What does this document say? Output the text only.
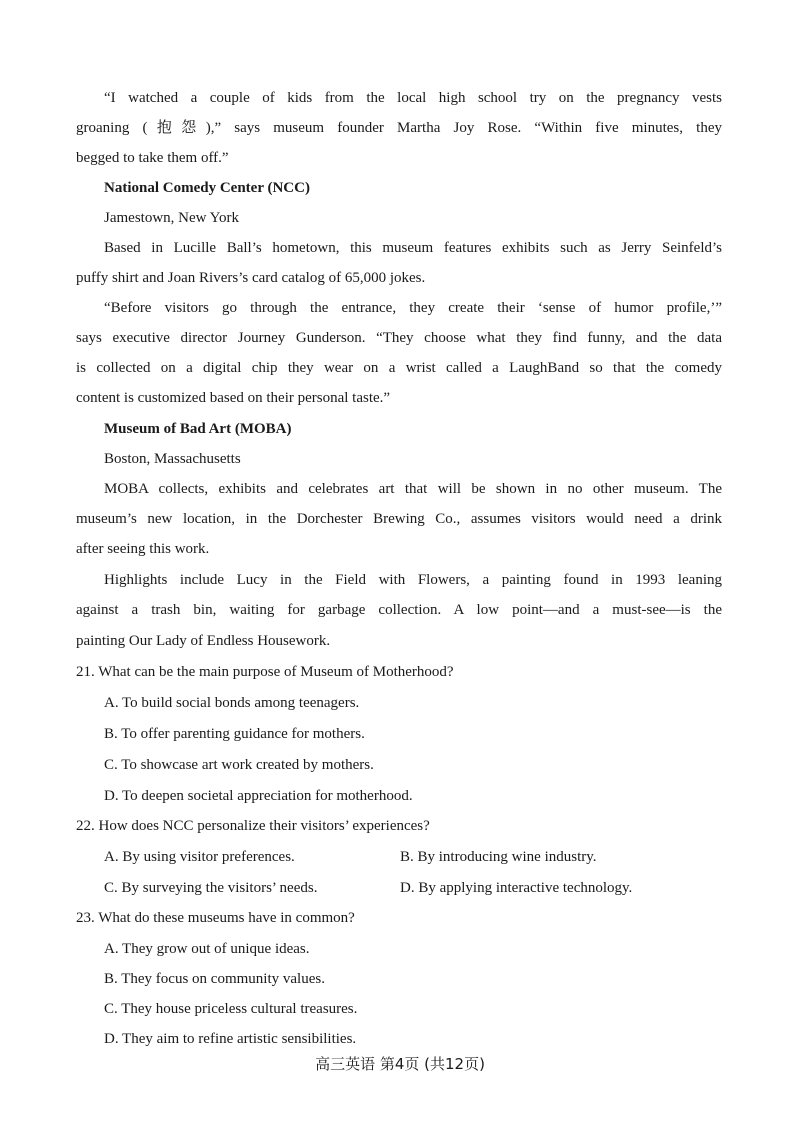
“I watched a couple of kids from the local high school try on the pregnancy vests
groaning (抱怨),” says museum founder Martha Joy Rose. “Within five minutes, they
begged to take them off.”
National Comedy Center (NCC)
Jamestown, New York
Based in Lucille Ball’s hometown, this museum features exhibits such as Jerry Seinfeld’s
puffy shirt and Joan Rivers’s card catalog of 65,000 jokes.
“Before visitors go through the entrance, they create their ‘sense of humor profile,’”
says executive director Journey Gunderson. “They choose what they find funny, and the data
is collected on a digital chip they wear on a wrist called a LaughBand so that the comedy
content is customized based on their personal taste.”
Museum of Bad Art (MOBA)
Boston, Massachusetts
MOBA collects, exhibits and celebrates art that will be shown in no other museum. The
museum’s new location, in the Dorchester Brewing Co., assumes visitors would need a drink
after seeing this work.
Highlights include Lucy in the Field with Flowers, a painting found in 1993 leaning
against a trash bin, waiting for garbage collection. A low point—and a must-see—is the
painting Our Lady of Endless Housework.
21. What can be the main purpose of Museum of Motherhood?
A. To build social bonds among teenagers.
B. To offer parenting guidance for mothers.
C. To showcase art work created by mothers.
D. To deepen societal appreciation for motherhood.
22. How does NCC personalize their visitors’ experiences?
A. By using visitor preferences.	B. By introducing wine industry.
C. By surveying the visitors’ needs.	D. By applying interactive technology.
23. What do these museums have in common?
A. They grow out of unique ideas.
B. They focus on community values.
C. They house priceless cultural treasures.
D. They aim to refine artistic sensibilities.
高三英语 第4页 (共12页)
